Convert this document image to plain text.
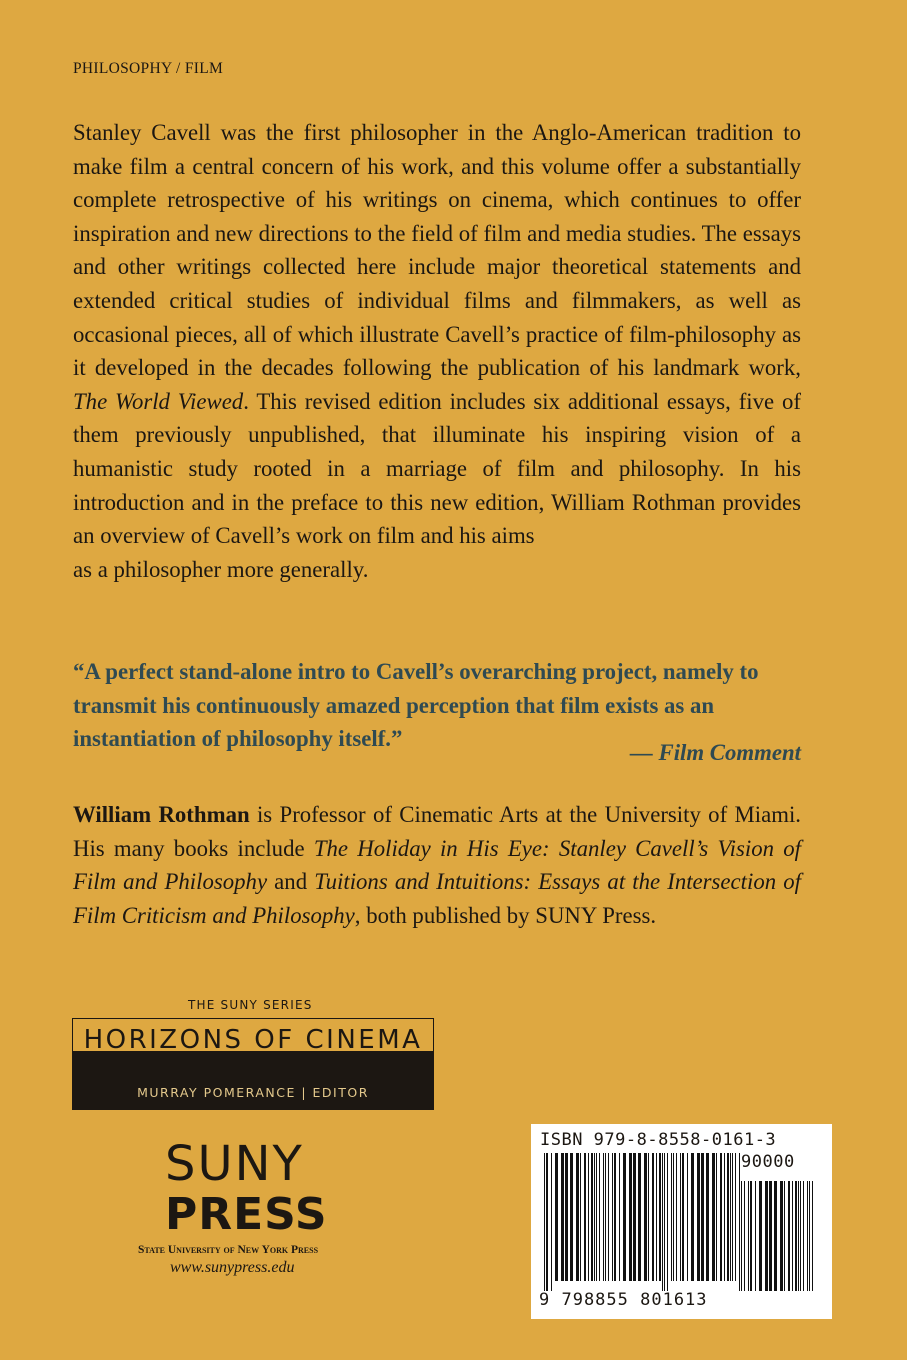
PHILOSOPHY / FILM

Stanley Cavell was the first philosopher in the Anglo-American tradition to make film a central concern of his work, and this volume offer a substantially complete retrospective of his writings on cinema, which continues to offer inspiration and new directions to the field of film and media studies. The essays and other writings collected here include major theoretical statements and extended critical studies of individual films and filmmakers, as well as occasional pieces, all of which illustrate Cavell’s practice of film-philosophy as it developed in the decades following the publication of his landmark work, The World Viewed. This revised edition includes six additional essays, five of them previously unpublished, that illuminate his inspiring vision of a humanistic study rooted in a marriage of film and philosophy. In his introduction and in the preface to this new edition, William Rothman provides an overview of Cavell’s work on film and his aims
as a philosopher more generally.

“A perfect stand-alone intro to Cavell’s overarching project, namely to transmit his continuously amazed perception that film exists as an instantiation of philosophy itself.”

— Film Comment

William Rothman is Professor of Cinematic Arts at the University of Miami. His many books include The Holiday in His Eye: Stanley Cavell’s Vision of Film and Philosophy and Tuitions and Intuitions: Essays at the Intersection of Film Criticism and Philosophy, both published by SUNY Press.

THE SUNY SERIES
HORIZONS OF CINEMA
MURRAY POMERANCE | EDITOR
SUNY
PRESS
State University of New York Press
www.sunypress.edu
ISBN 979-8-8558-0161-3
90000
9 798855 801613
